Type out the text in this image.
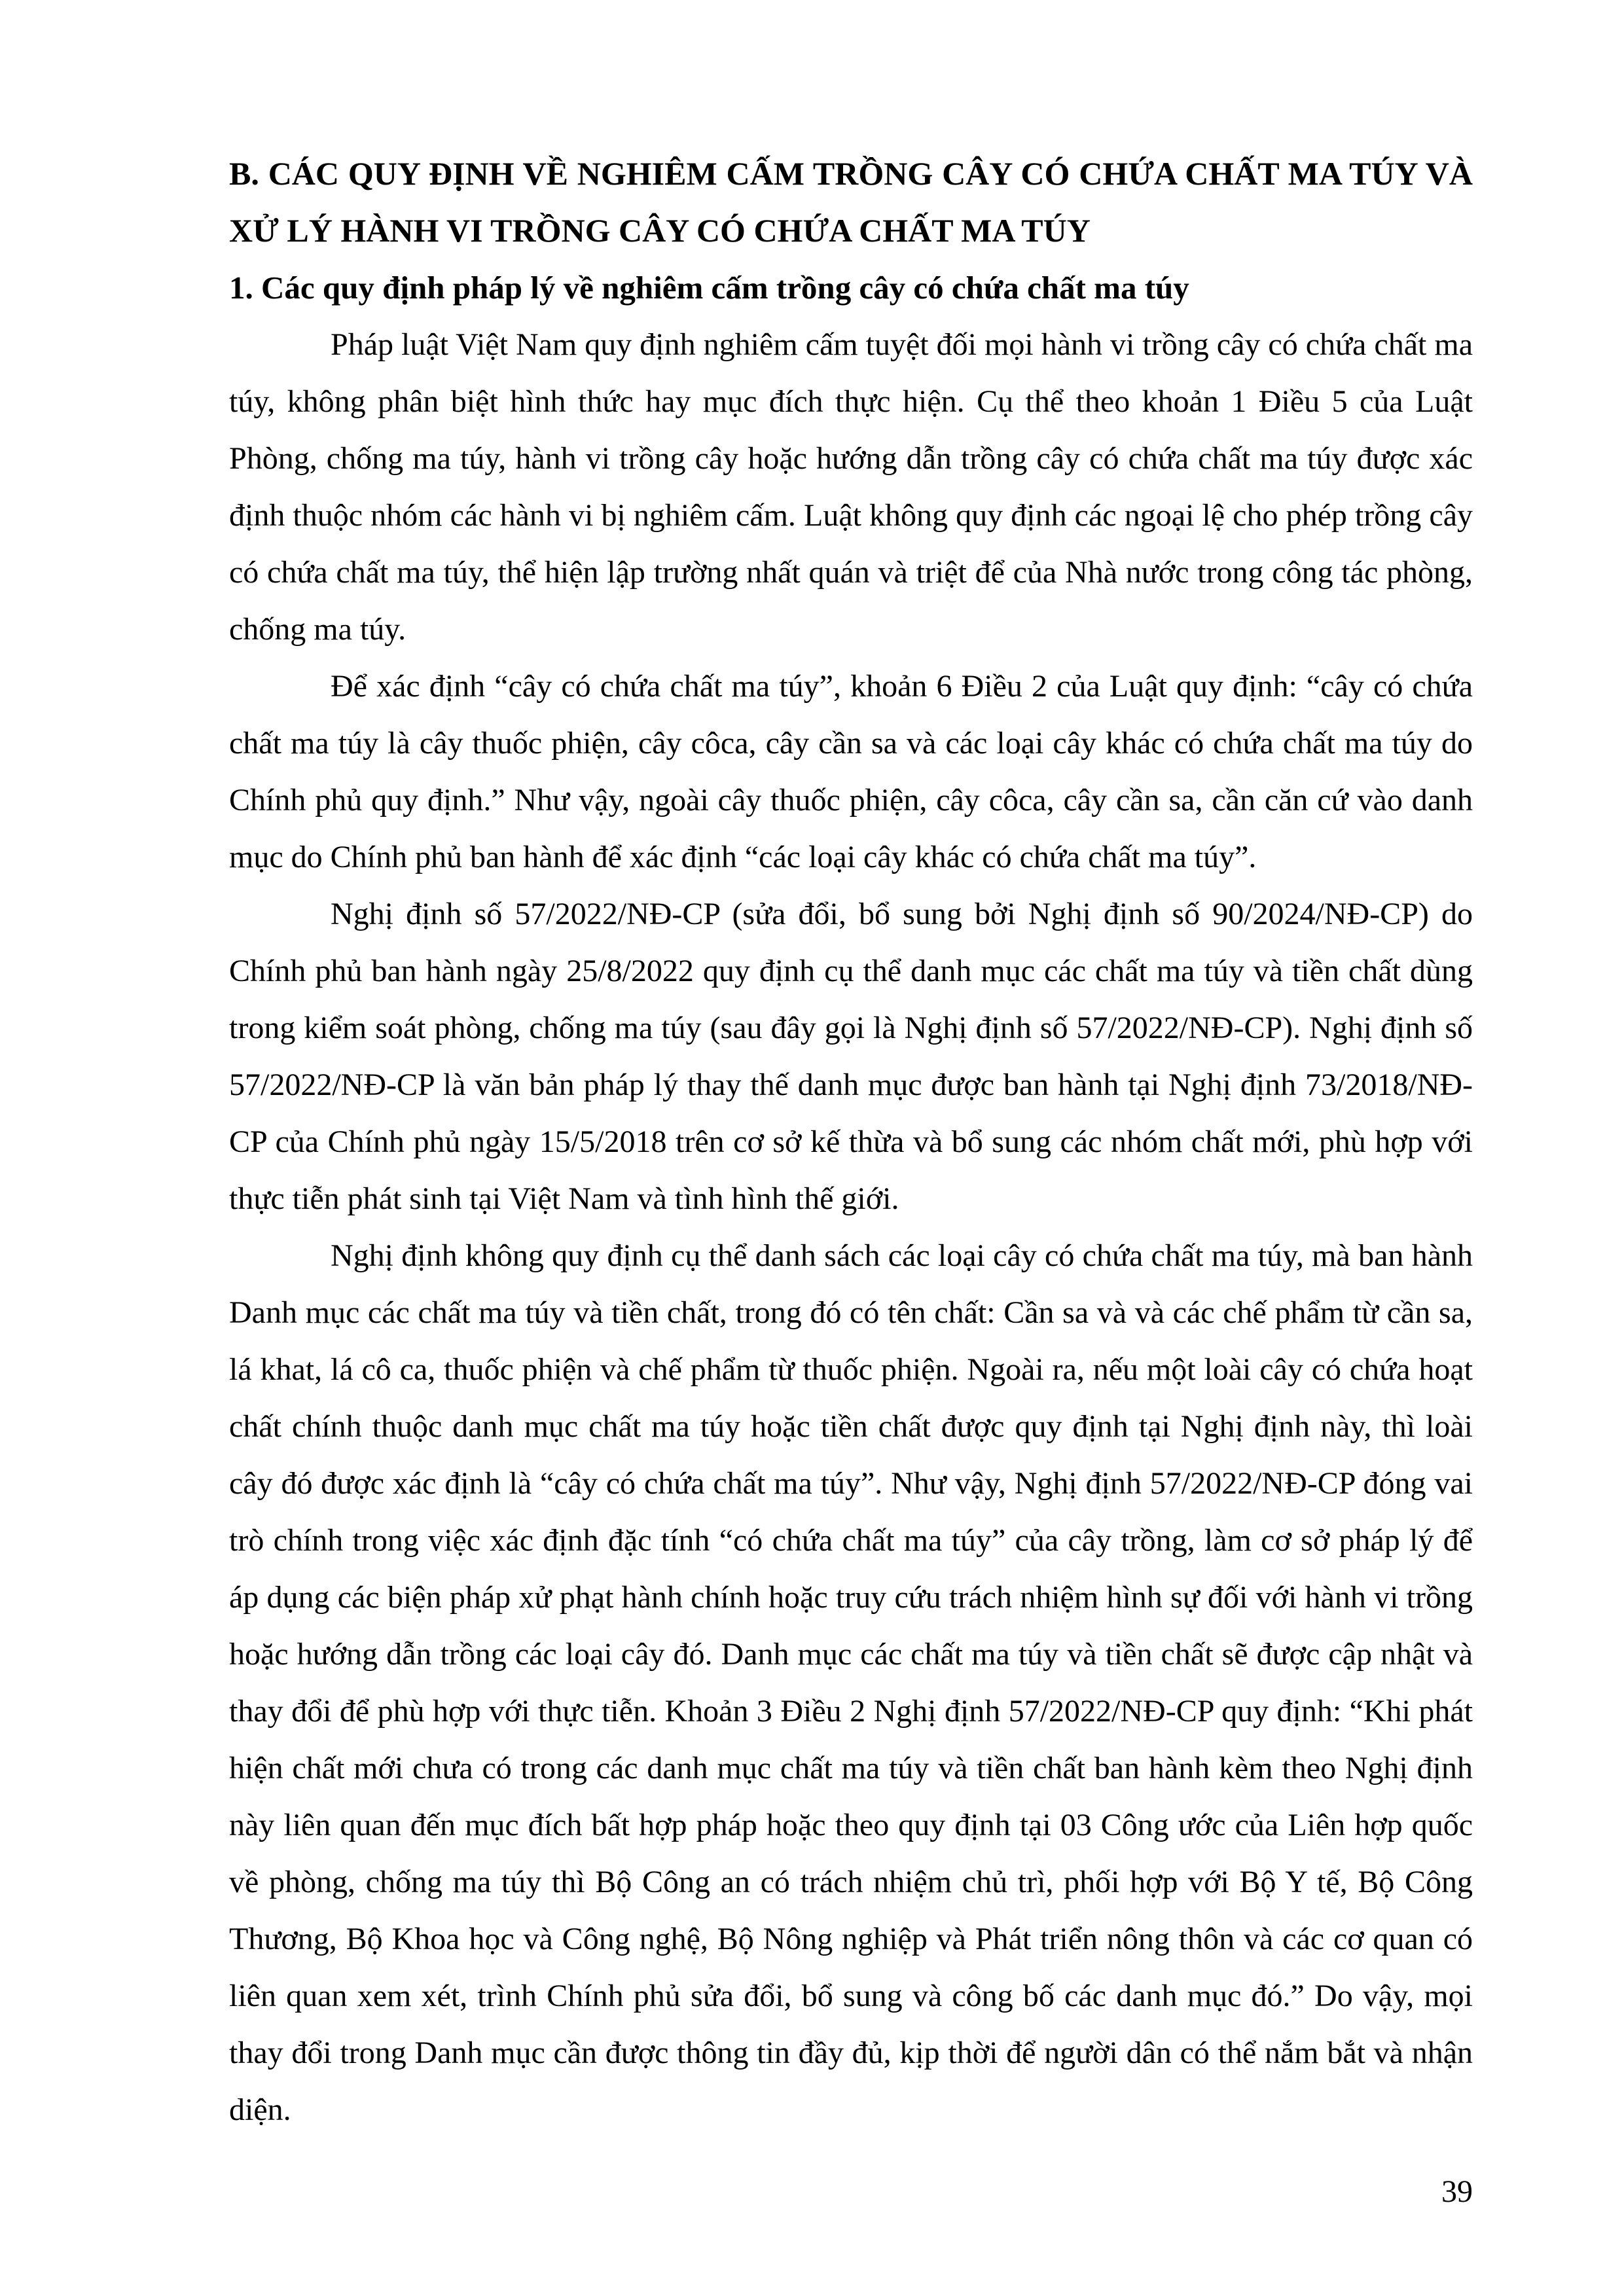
B. CÁC QUY ĐỊNH VỀ NGHIÊM CẤM TRỒNG CÂY CÓ CHỨA CHẤT MA TÚY VÀ XỬ LÝ HÀNH VI TRỒNG CÂY CÓ CHỨA CHẤT MA TÚY

1. Các quy định pháp lý về nghiêm cấm trồng cây có chứa chất ma túy

Pháp luật Việt Nam quy định nghiêm cấm tuyệt đối mọi hành vi trồng cây có chứa chất ma túy, không phân biệt hình thức hay mục đích thực hiện. Cụ thể theo khoản 1 Điều 5 của Luật Phòng, chống ma túy, hành vi trồng cây hoặc hướng dẫn trồng cây có chứa chất ma túy được xác định thuộc nhóm các hành vi bị nghiêm cấm. Luật không quy định các ngoại lệ cho phép trồng cây có chứa chất ma túy, thể hiện lập trường nhất quán và triệt để của Nhà nước trong công tác phòng, chống ma túy.

Để xác định “cây có chứa chất ma túy”, khoản 6 Điều 2 của Luật quy định: “cây có chứa chất ma túy là cây thuốc phiện, cây côca, cây cần sa và các loại cây khác có chứa chất ma túy do Chính phủ quy định.” Như vậy, ngoài cây thuốc phiện, cây côca, cây cần sa, cần căn cứ vào danh mục do Chính phủ ban hành để xác định “các loại cây khác có chứa chất ma túy”.

Nghị định số 57/2022/NĐ-CP (sửa đổi, bổ sung bởi Nghị định số 90/2024/NĐ-CP) do Chính phủ ban hành ngày 25/8/2022 quy định cụ thể danh mục các chất ma túy và tiền chất dùng trong kiểm soát phòng, chống ma túy (sau đây gọi là Nghị định số 57/2022/NĐ-CP). Nghị định số 57/2022/NĐ-CP là văn bản pháp lý thay thế danh mục được ban hành tại Nghị định 73/2018/NĐ-CP của Chính phủ ngày 15/5/2018 trên cơ sở kế thừa và bổ sung các nhóm chất mới, phù hợp với thực tiễn phát sinh tại Việt Nam và tình hình thế giới.

Nghị định không quy định cụ thể danh sách các loại cây có chứa chất ma túy, mà ban hành Danh mục các chất ma túy và tiền chất, trong đó có tên chất: Cần sa và và các chế phẩm từ cần sa, lá khat, lá cô ca, thuốc phiện và chế phẩm từ thuốc phiện. Ngoài ra, nếu một loài cây có chứa hoạt chất chính thuộc danh mục chất ma túy hoặc tiền chất được quy định tại Nghị định này, thì loài cây đó được xác định là “cây có chứa chất ma túy”. Như vậy, Nghị định 57/2022/NĐ-CP đóng vai trò chính trong việc xác định đặc tính “có chứa chất ma túy” của cây trồng, làm cơ sở pháp lý để áp dụng các biện pháp xử phạt hành chính hoặc truy cứu trách nhiệm hình sự đối với hành vi trồng hoặc hướng dẫn trồng các loại cây đó. Danh mục các chất ma túy và tiền chất sẽ được cập nhật và thay đổi để phù hợp với thực tiễn. Khoản 3 Điều 2 Nghị định 57/2022/NĐ-CP quy định: “Khi phát hiện chất mới chưa có trong các danh mục chất ma túy và tiền chất ban hành kèm theo Nghị định này liên quan đến mục đích bất hợp pháp hoặc theo quy định tại 03 Công ước của Liên hợp quốc về phòng, chống ma túy thì Bộ Công an có trách nhiệm chủ trì, phối hợp với Bộ Y tế, Bộ Công Thương, Bộ Khoa học và Công nghệ, Bộ Nông nghiệp và Phát triển nông thôn và các cơ quan có liên quan xem xét, trình Chính phủ sửa đổi, bổ sung và công bố các danh mục đó.” Do vậy, mọi thay đổi trong Danh mục cần được thông tin đầy đủ, kịp thời để người dân có thể nắm bắt và nhận diện.

39
